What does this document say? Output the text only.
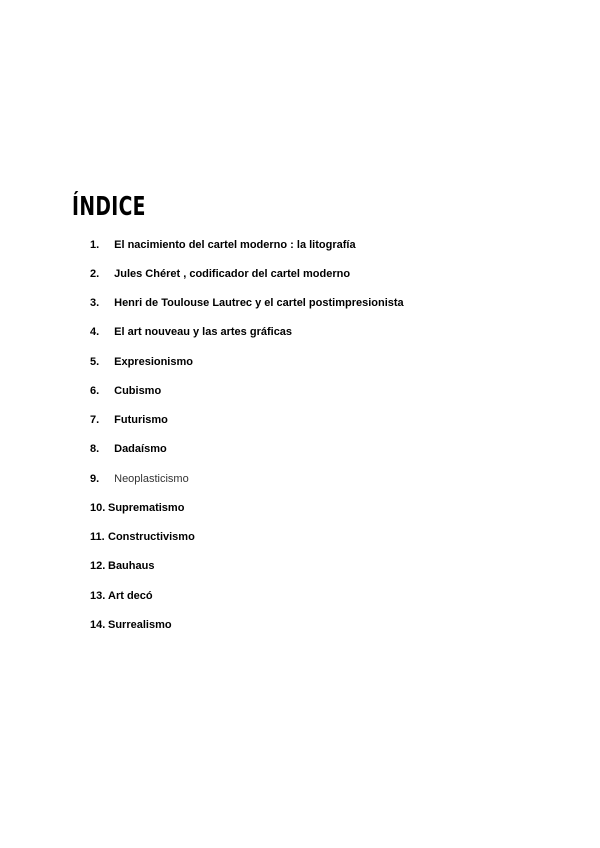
ÍNDICE
1.
	El nacimiento del cartel moderno : la litografía
2.
	Jules Chéret , codificador del cartel moderno
3.
	Henri de Toulouse Lautrec y el cartel postimpresionista
4.
	El art nouveau y las artes gráficas
5.
	Expresionismo
6.
	Cubismo
7.
	Futurismo
8.
	Dadaísmo
9.
	Neoplasticismo
10. Suprematismo
11. Constructivismo
12. Bauhaus
13. Art decó
14. Surrealismo
